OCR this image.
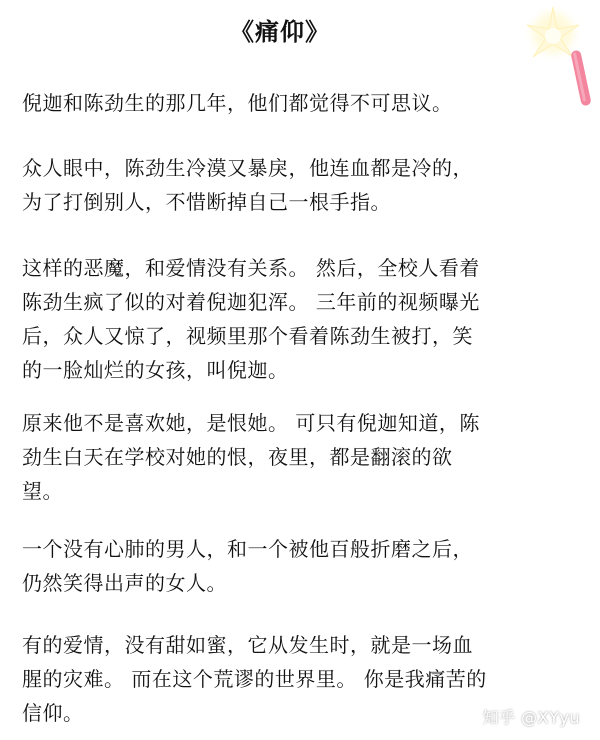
《痛仰》

倪迦和陈劲生的那几年，他们都觉得不可思议。

众人眼中，陈劲生冷漠又暴戾，他连血都是冷的，
为了打倒别人，不惜断掉自己一根手指。

这样的恶魔，和爱情没有关系。 然后，全校人看着
陈劲生疯了似的对着倪迦犯浑。 三年前的视频曝光
后，众人又惊了，视频里那个看着陈劲生被打，笑
的一脸灿烂的女孩，叫倪迦。

原来他不是喜欢她，是恨她。 可只有倪迦知道，陈
劲生白天在学校对她的恨，夜里，都是翻滚的欲
望。

一个没有心肺的男人，和一个被他百般折磨之后，
仍然笑得出声的女人。

有的爱情，没有甜如蜜，它从发生时，就是一场血
腥的灾难。 而在这个荒谬的世界里。 你是我痛苦的
信仰。	知乎 @XYyu
